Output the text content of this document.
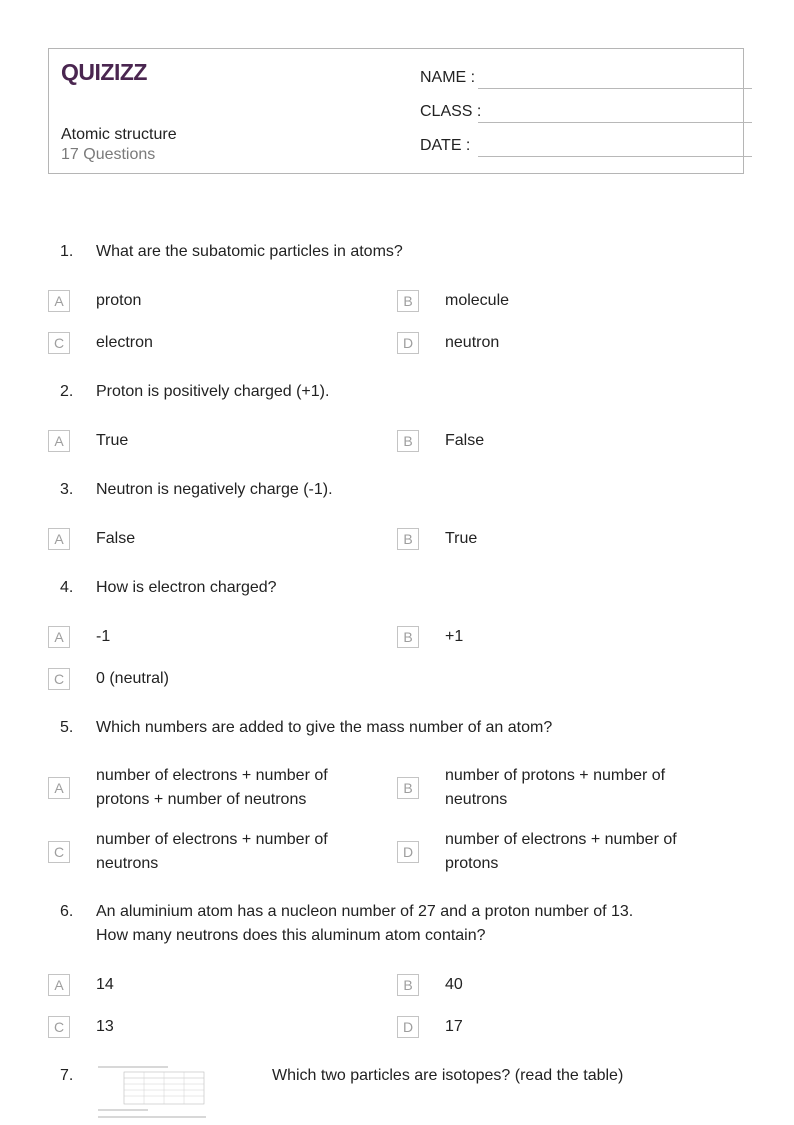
QUIZIZZ
Atomic structure
17 Questions
NAME :
CLASS :
DATE :
1. What are the subatomic particles in atoms?
A	proton	B	molecule
C	electron	D	neutron
2. Proton is positively charged (+1).
A	True	B	False
3. Neutron is negatively charge (-1).
A	False	B	True
4. How is electron charged?
A	-1	B	+1
C	0 (neutral)
5. Which numbers are added to give the mass number of an atom?
A
number of electrons + number of protons + number of neutrons
B
number of protons + number of neutrons
C
number of electrons + number of neutrons
D
number of electrons + number of protons
6. An aluminium atom has a nucleon number of 27 and a proton number of 13. How many neutrons does this aluminum atom contain?
A	14	B	40
C	13	D	17
7.	Which two particles are isotopes? (read the table)
